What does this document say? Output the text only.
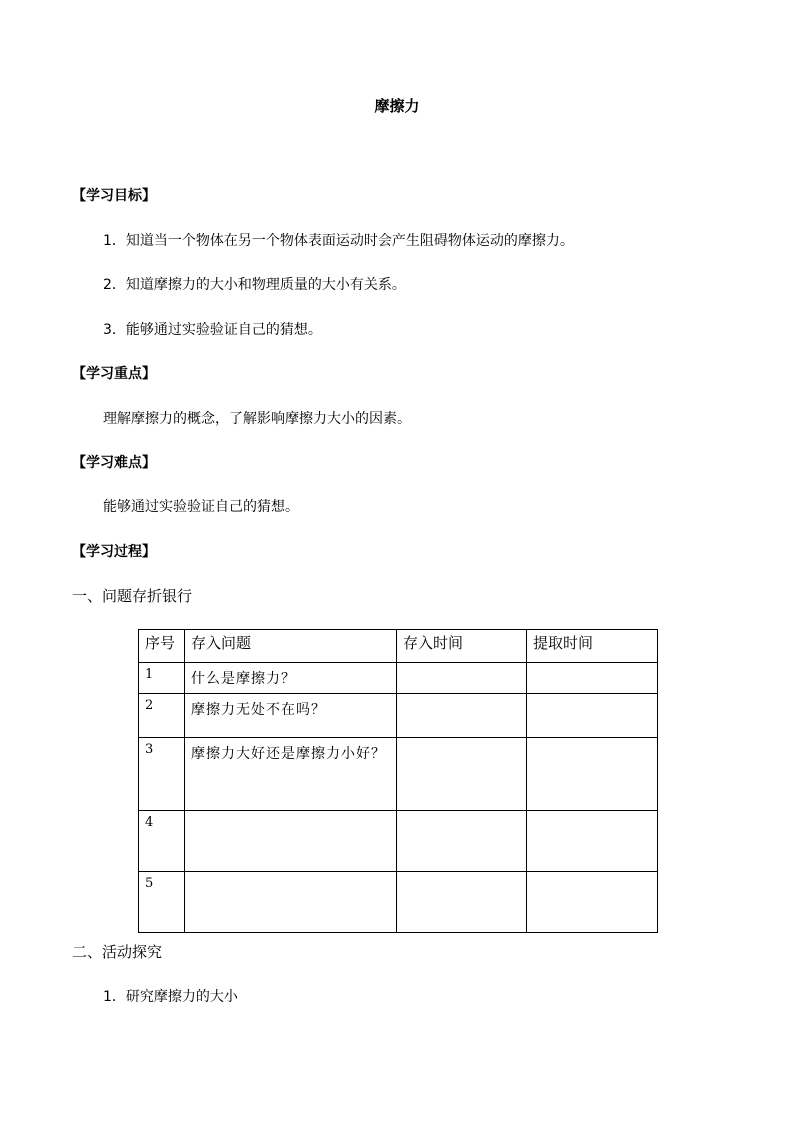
摩擦力
【学习目标】
1．知道当一个物体在另一个物体表面运动时会产生阻碍物体运动的摩擦力。
2．知道摩擦力的大小和物理质量的大小有关系。
3．能够通过实验验证自己的猜想。
【学习重点】
理解摩擦力的概念，了解影响摩擦力大小的因素。
【学习难点】
能够通过实验验证自己的猜想。
【学习过程】
一、问题存折银行
序号	存入问题	存入时间	提取时间
1	什么是摩擦力？		
2	摩擦力无处不在吗？		
3	摩擦力大好还是摩擦力小好？		
4			
5			
二、活动探究
1．研究摩擦力的大小
